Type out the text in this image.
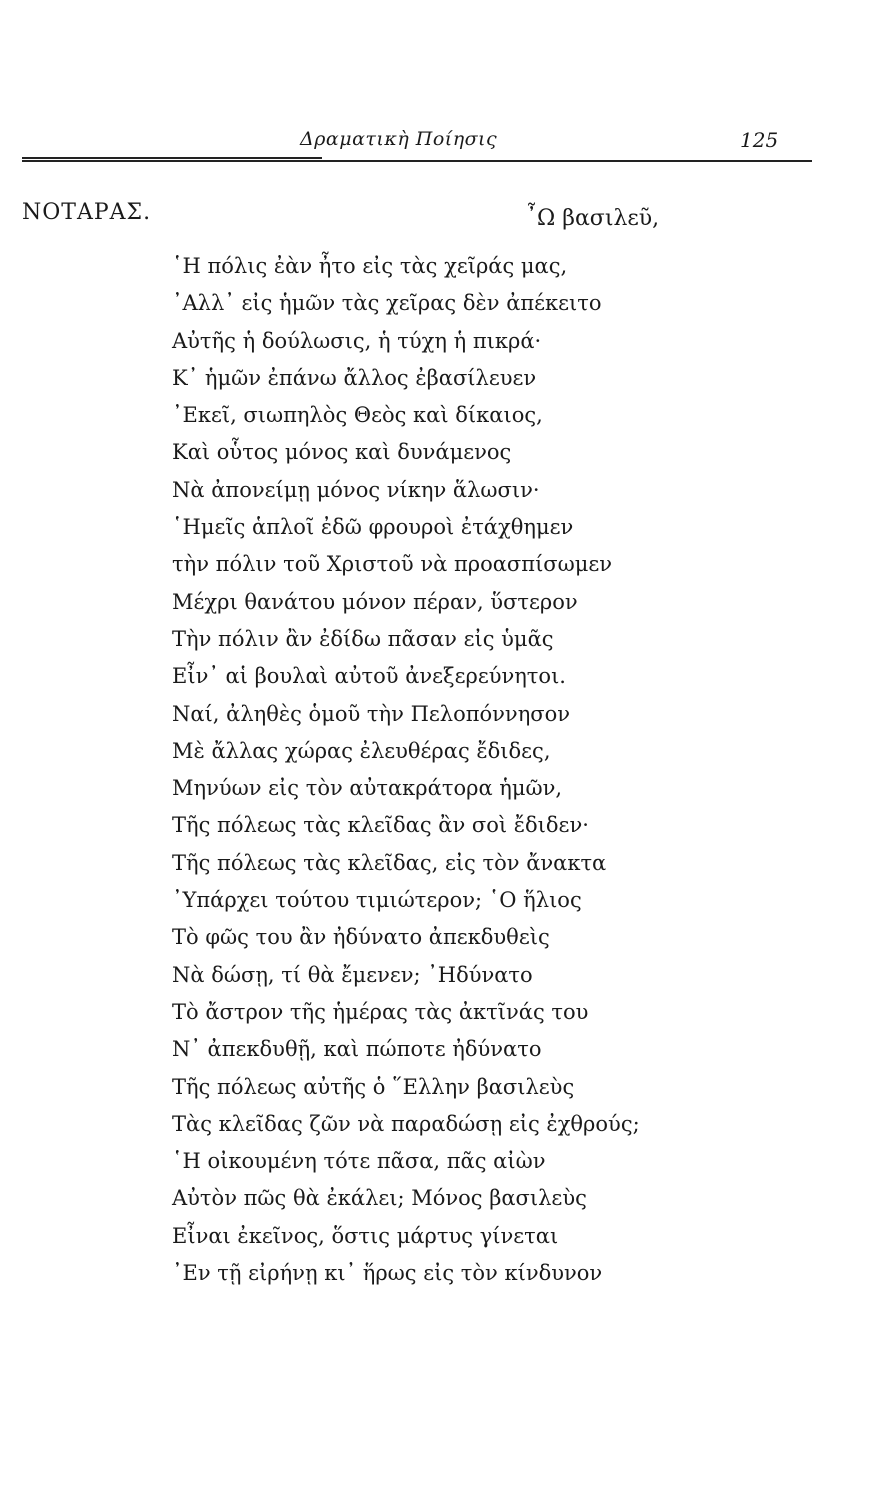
Δραματικὴ Ποίησις	125
ΝΟΤΑΡΑΣ.	῏Ω βασιλεῦ,
῾Η πόλις ἐὰν ἦτο εἰς τὰς χεῖράς μας,
᾿Αλλ᾿ εἰς ἡμῶν τὰς χεῖρας δὲν ἀπέκειτο
Αὐτῆς ἡ δούλωσις, ἡ τύχη ἡ πικρά·
Κ᾿ ἡμῶν ἐπάνω ἄλλος ἐβασίλευεν
᾿Εκεῖ, σιωπηλὸς Θεὸς καὶ δίκαιος,
Καὶ οὗτος μόνος καὶ δυνάμενος
Νὰ ἀπονείμῃ μόνος νίκην ἅλωσιν·
῾Ημεῖς ἁπλοῖ ἐδῶ φρουροὶ ἐτάχθημεν
τὴν πόλιν τοῦ Χριστοῦ νὰ προασπίσωμεν
Μέχρι θανάτου μόνον πέραν, ὕστερον
Τὴν πόλιν ἂν ἐδίδω πᾶσαν εἰς ὑμᾶς
Εἶν᾿ αἱ βουλαὶ αὐτοῦ ἀνεξερεύνητοι.
Ναί, ἀληθὲς ὁμοῦ τὴν Πελοπόννησον
Μὲ ἄλλας χώρας ἐλευθέρας ἔδιδες,
Μηνύων εἰς τὸν αὐτακράτορα ἡμῶν,
Τῆς πόλεως τὰς κλεῖδας ἂν σοὶ ἔδιδεν·
Τῆς πόλεως τὰς κλεῖδας, εἰς τὸν ἄνακτα
᾿Υπάρχει τούτου τιμιώτερον; ῾Ο ἥλιος
Τὸ φῶς του ἂν ἠδύνατο ἀπεκδυθεὶς
Νὰ δώσῃ, τί θὰ ἔμενεν; ᾿Ηδύνατο
Τὸ ἄστρον τῆς ἡμέρας τὰς ἀκτῖνάς του
Ν᾿ ἀπεκδυθῇ, καὶ πώποτε ἠδύνατο
Τῆς πόλεως αὐτῆς ὁ ῞Ελλην βασιλεὺς
Τὰς κλεῖδας ζῶν νὰ παραδώσῃ εἰς ἐχθρούς;
῾Η οἰκουμένη τότε πᾶσα, πᾶς αἰὼν
Αὐτὸν πῶς θὰ ἐκάλει; Μόνος βασιλεὺς
Εἶναι ἐκεῖνος, ὅστις μάρτυς γίνεται
᾿Εν τῇ εἰρήνῃ κι᾿ ἥρως εἰς τὸν κίνδυνον
